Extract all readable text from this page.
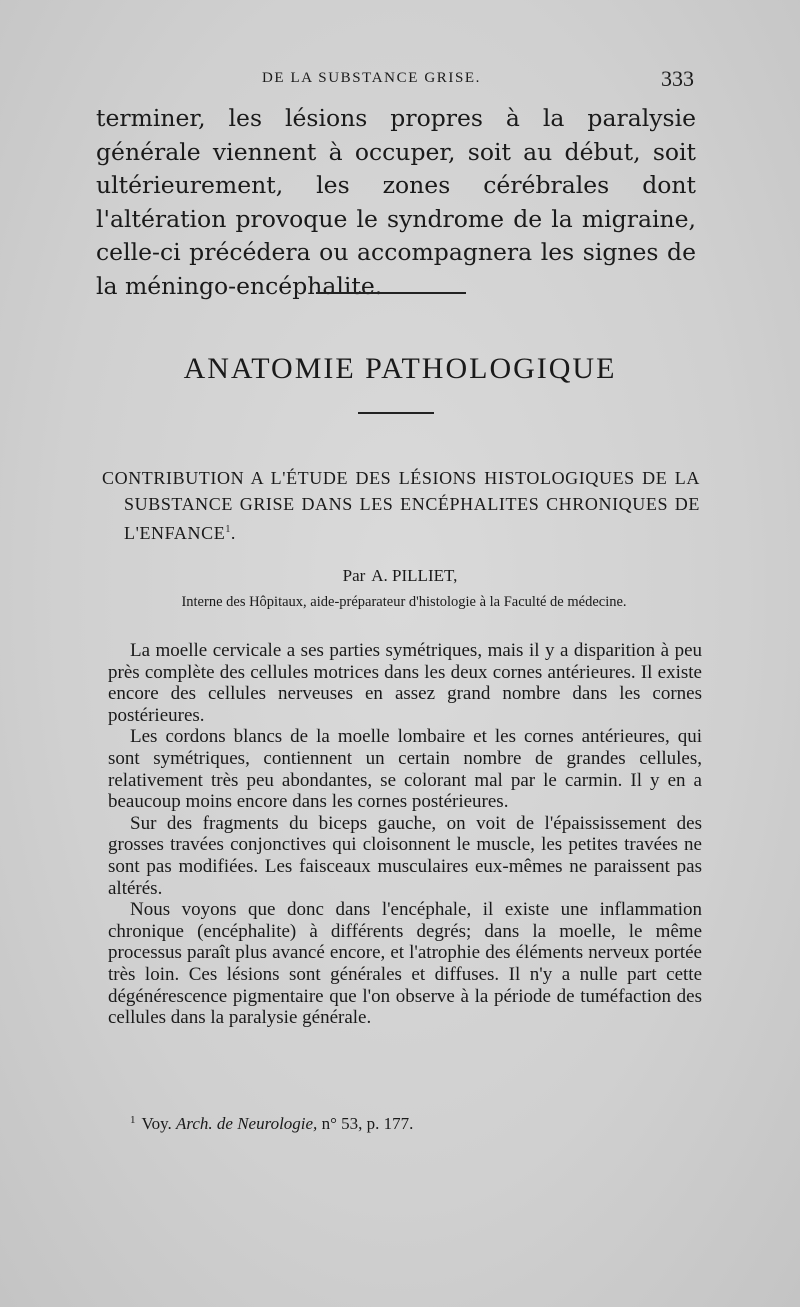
DE LA SUBSTANCE GRISE.	333

terminer, les lésions propres à la paralysie générale viennent à occuper, soit au début, soit ultérieurement, les zones cérébrales dont l'altération provoque le syndrome de la migraine, celle-ci précédera ou accompagnera les signes de la méningo-encéphalite.

ANATOMIE PATHOLOGIQUE
CONTRIBUTION A L'ÉTUDE DES LÉSIONS HISTOLOGIQUES DE LA SUBSTANCE GRISE DANS LES ENCÉPHALITES CHRONIQUES DE L'ENFANCE$^1$.
Par A. PILLIET,
Interne des Hôpitaux, aide-préparateur d'histologie à la Faculté de médecine.

La moelle cervicale a ses parties symétriques, mais il y a disparition à peu près complète des cellules motrices dans les deux cornes antérieures. Il existe encore des cellules nerveuses en assez grand nombre dans les cornes postérieures.

Les cordons blancs de la moelle lombaire et les cornes antérieures, qui sont symétriques, contiennent un certain nombre de grandes cellules, relativement très peu abondantes, se colorant mal par le carmin. Il y en a beaucoup moins encore dans les cornes postérieures.

Sur des fragments du biceps gauche, on voit de l'épaississement des grosses travées conjonctives qui cloisonnent le muscle, les petites travées ne sont pas modifiées. Les faisceaux musculaires eux-mêmes ne paraissent pas altérés.

Nous voyons que donc dans l'encéphale, il existe une inflammation chronique (encéphalite) à différents degrés; dans la moelle, le même processus paraît plus avancé encore, et l'atrophie des éléments nerveux portée très loin. Ces lésions sont générales et diffuses. Il n'y a nulle part cette dégénérescence pigmentaire que l'on observe à la période de tuméfaction des cellules dans la paralysie générale.

$^1$ Voy. Arch. de Neurologie, n° 53, p. 177.
